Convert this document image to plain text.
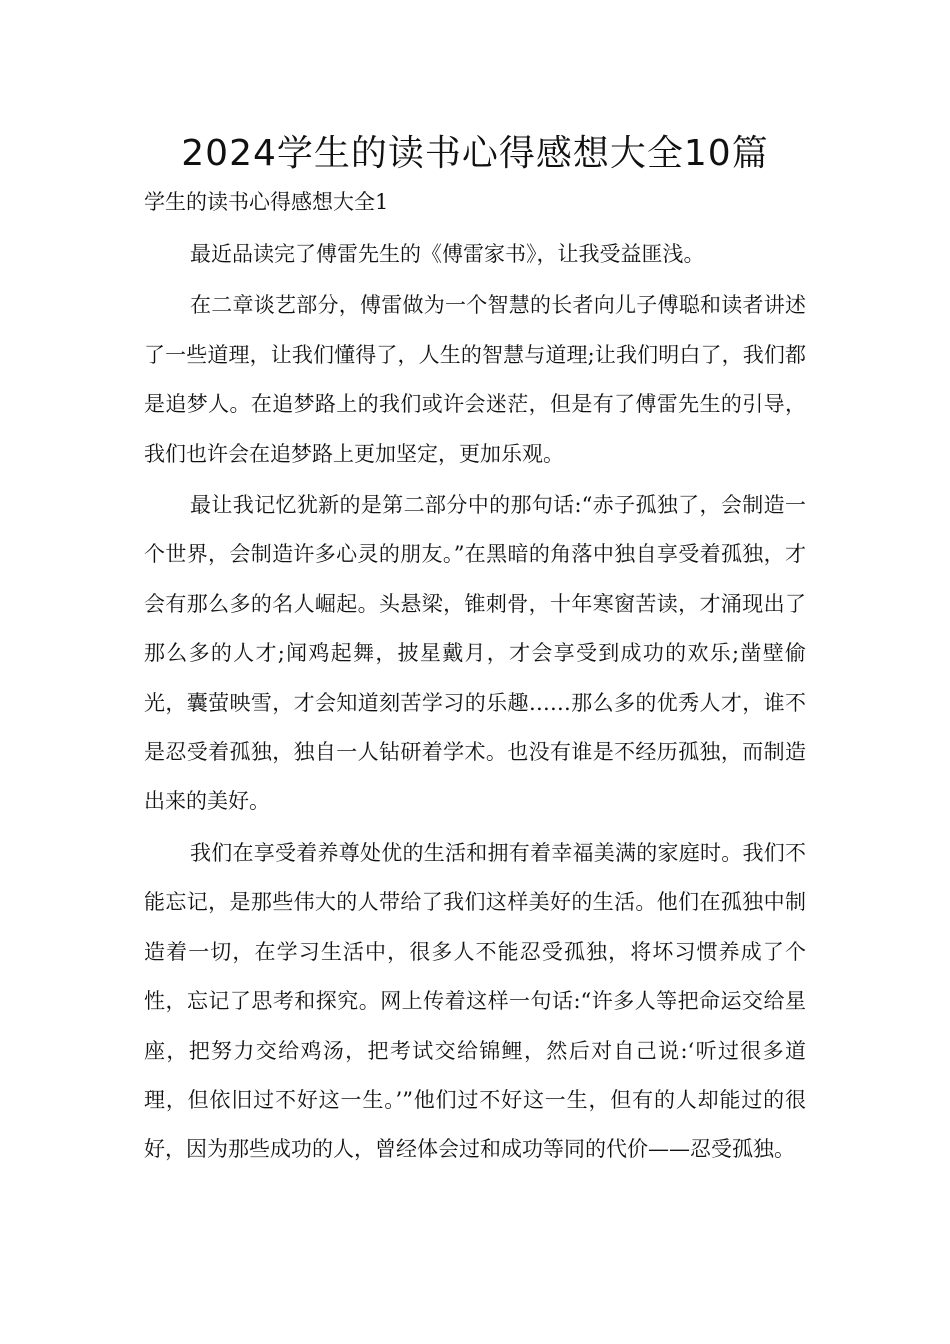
2024学生的读书心得感想大全10篇

学生的读书心得感想大全1

最近品读完了傅雷先生的《傅雷家书》，让我受益匪浅。

在二章谈艺部分，傅雷做为一个智慧的长者向儿子傅聪和读者讲述了一些道理，让我们懂得了，人生的智慧与道理;让我们明白了，我们都是追梦人。在追梦路上的我们或许会迷茫，但是有了傅雷先生的引导，我们也许会在追梦路上更加坚定，更加乐观。

最让我记忆犹新的是第二部分中的那句话:“赤子孤独了，会制造一个世界，会制造许多心灵的朋友。”在黑暗的角落中独自享受着孤独，才会有那么多的名人崛起。头悬梁，锥刺骨，十年寒窗苦读，才涌现出了那么多的人才;闻鸡起舞，披星戴月，才会享受到成功的欢乐;凿壁偷光，囊萤映雪，才会知道刻苦学习的乐趣……那么多的优秀人才，谁不是忍受着孤独，独自一人钻研着学术。也没有谁是不经历孤独，而制造出来的美好。

我们在享受着养尊处优的生活和拥有着幸福美满的家庭时。我们不能忘记，是那些伟大的人带给了我们这样美好的生活。他们在孤独中制造着一切，在学习生活中，很多人不能忍受孤独，将坏习惯养成了个性，忘记了思考和探究。网上传着这样一句话:“许多人等把命运交给星座，把努力交给鸡汤，把考试交给锦鲤，然后对自己说:‘听过很多道理，但依旧过不好这一生。’”他们过不好这一生，但有的人却能过的很好，因为那些成功的人，曾经体会过和成功等同的代价——忍受孤独。
